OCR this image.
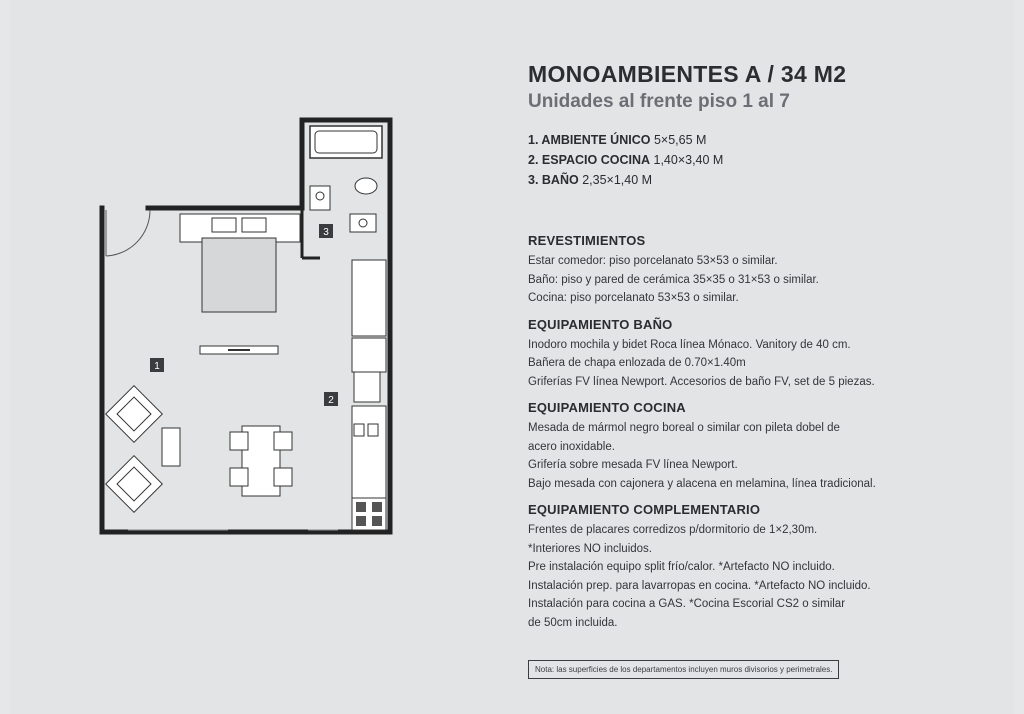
3
1
2
MONOAMBIENTES A / 34 M2
Unidades al frente piso 1 al 7
1. AMBIENTE ÚNICO 5×5,65 M
2. ESPACIO COCINA 1,40×3,40 M
3. BAÑO 2,35×1,40 M
REVESTIMIENTOS
Estar comedor: piso porcelanato 53×53 o similar.
Baño: piso y pared de cerámica 35×35 o 31×53 o similar.
Cocina: piso porcelanato 53×53 o similar.
EQUIPAMIENTO BAÑO
Inodoro mochila y bidet Roca línea Mónaco. Vanitory de 40 cm.
Bañera de chapa enlozada de 0.70×1.40m
Griferías FV línea Newport. Accesorios de baño FV, set de 5 piezas.
EQUIPAMIENTO COCINA
Mesada de mármol negro boreal o similar con pileta dobel de
acero inoxidable.
Grifería sobre mesada FV línea Newport.
Bajo mesada con cajonera y alacena en melamina, línea tradicional.
EQUIPAMIENTO COMPLEMENTARIO
Frentes de placares corredizos p/dormitorio de 1×2,30m.
*Interiores NO incluidos.
Pre instalación equipo split frío/calor. *Artefacto NO incluido.
Instalación prep. para lavarropas en cocina. *Artefacto NO incluido.
Instalación para cocina a GAS. *Cocina Escorial CS2 o similar
de 50cm incluida.
Nota: las superficies de los departamentos incluyen muros divisorios y perimetrales.
